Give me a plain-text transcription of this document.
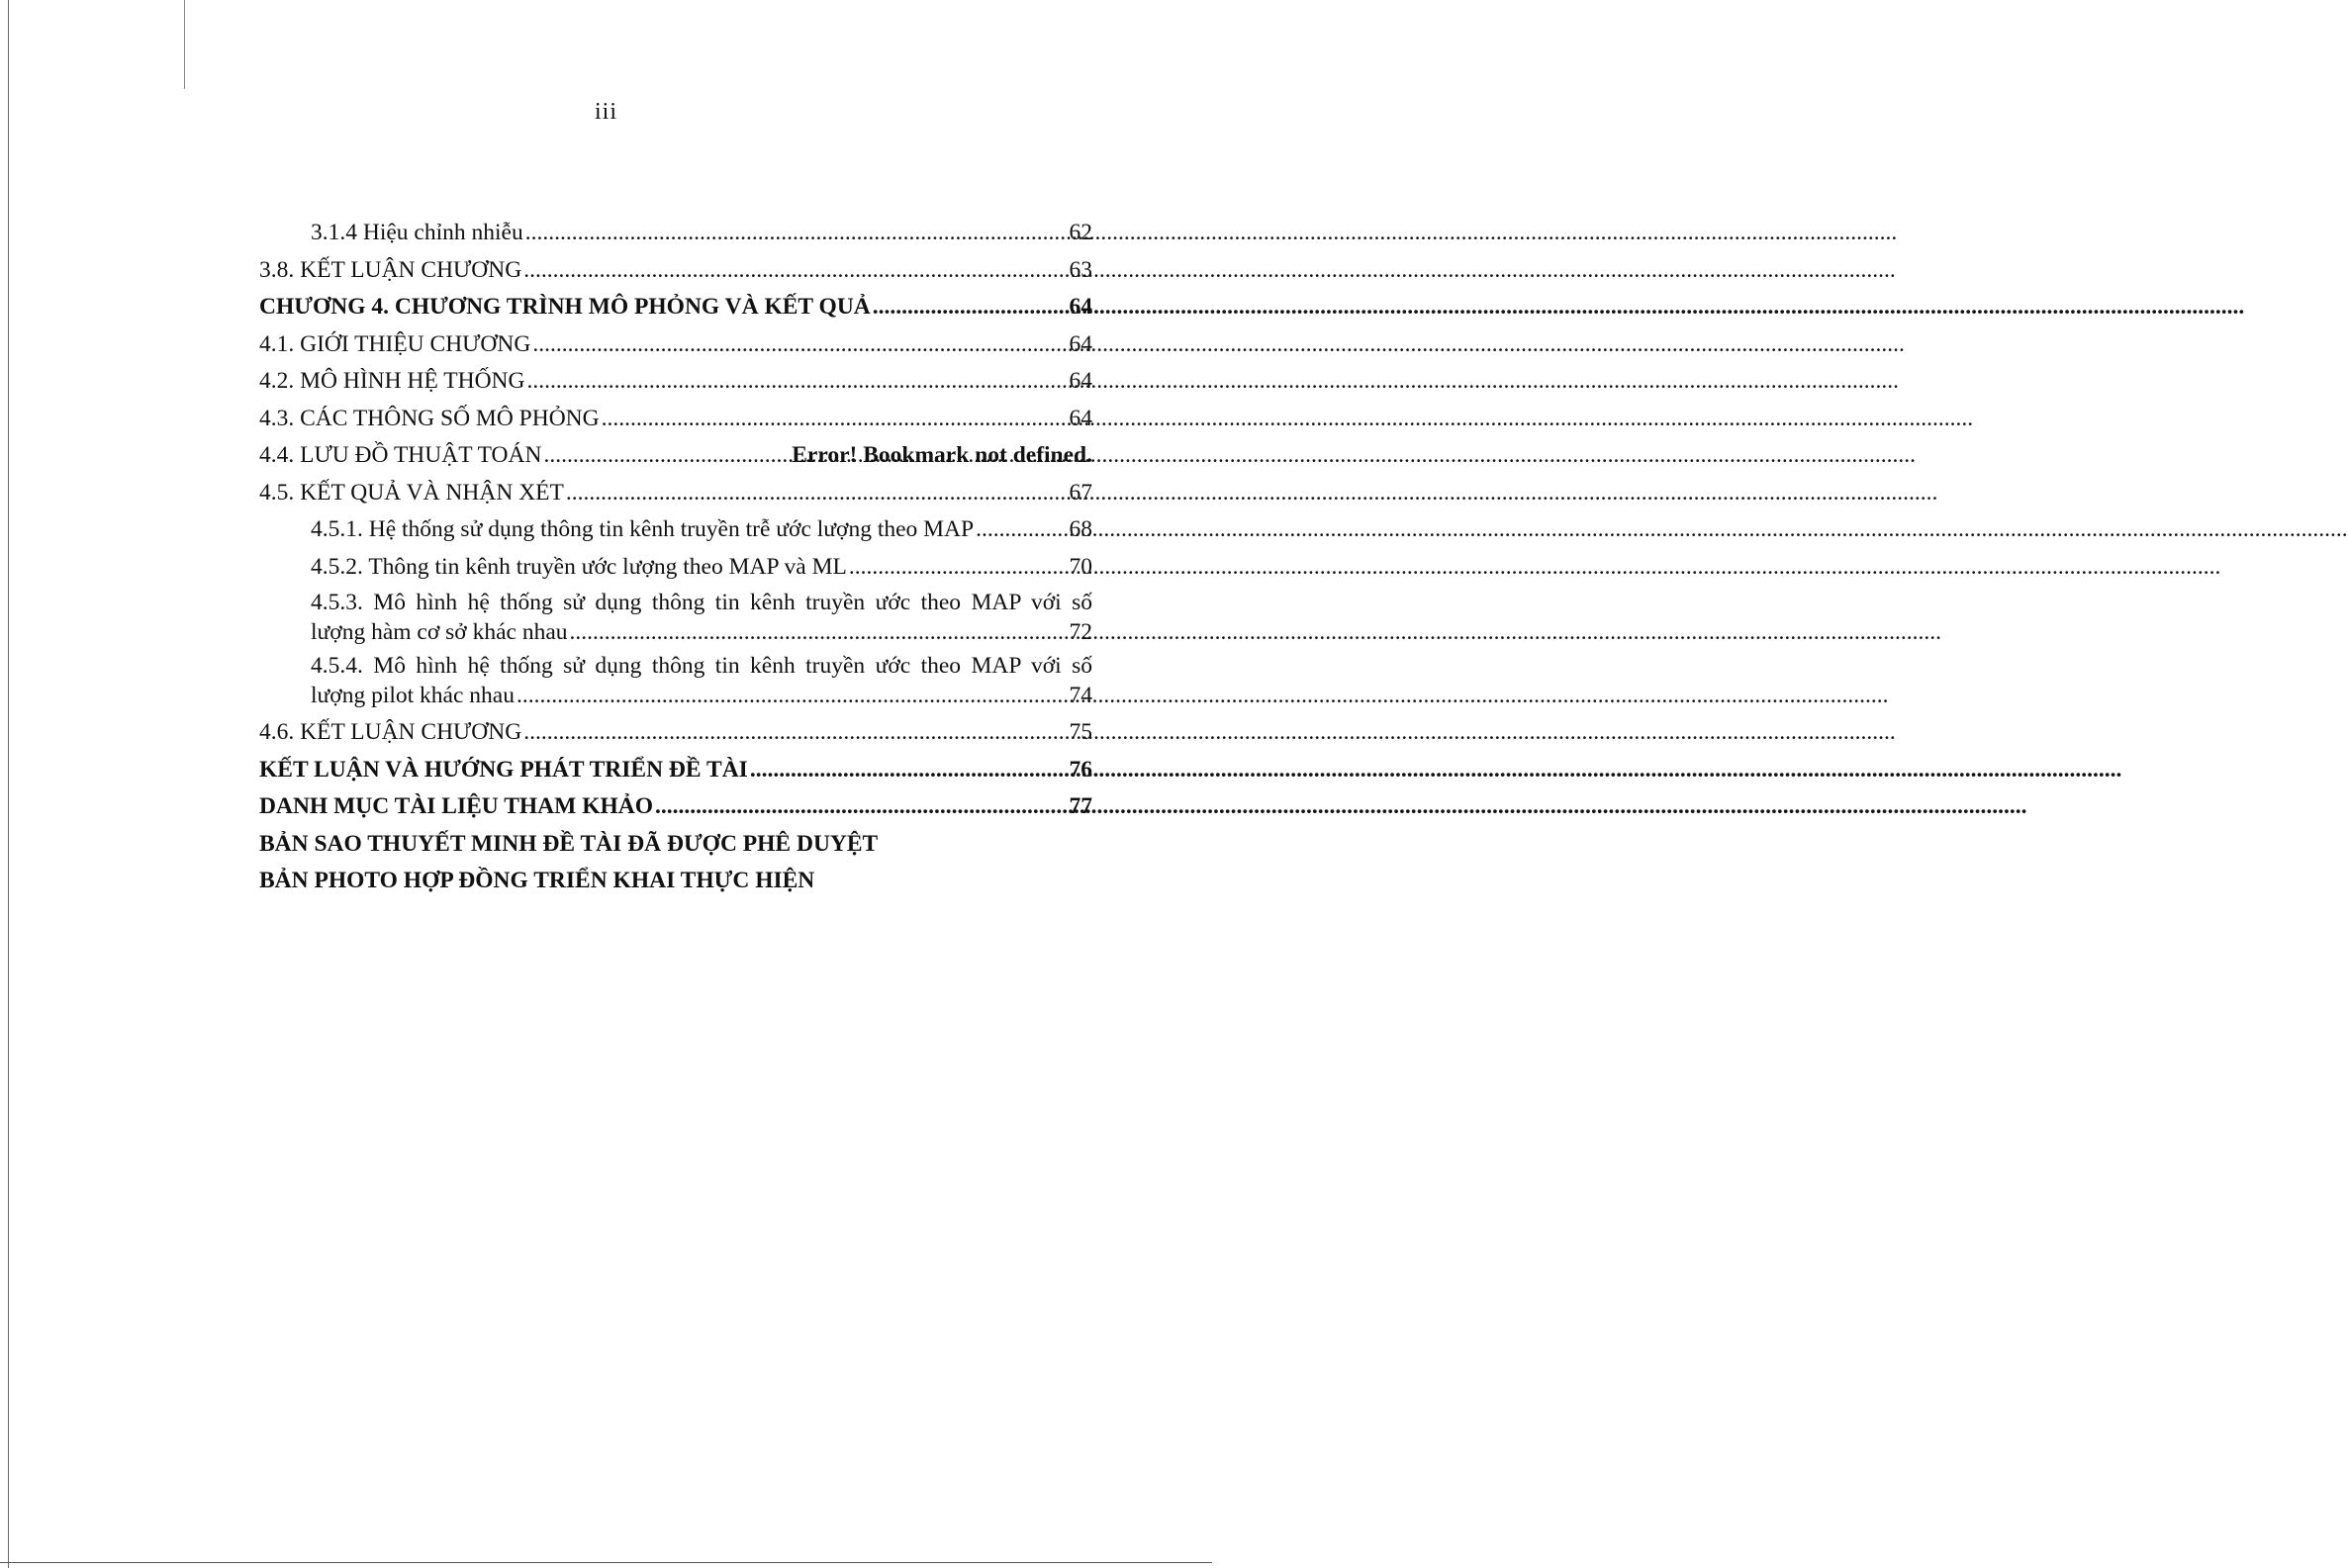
iii
3.1.4 Hiệu chỉnh nhiễu .....	62
3.8. KẾT LUẬN CHƯƠNG .....	63
CHƯƠNG 4. CHƯƠNG TRÌNH MÔ PHỎNG VÀ KẾT QUẢ .....	64
4.1. GIỚI THIỆU CHƯƠNG .....	64
4.2. MÔ HÌNH HỆ THỐNG .....	64
4.3. CÁC THÔNG SỐ MÔ PHỎNG .....	64
4.4. LƯU ĐỒ THUẬT TOÁN .....	Error! Bookmark not defined.
4.5. KẾT QUẢ VÀ NHẬN XÉT .....	67
4.5.1. Hệ thống sử dụng thông tin kênh truyền trễ ước lượng theo MAP .....	68
4.5.2. Thông tin kênh truyền ước lượng theo MAP và ML .....	70
4.5.3. Mô hình hệ thống sử dụng thông tin kênh truyền ước theo MAP với số
lượng hàm cơ sở khác nhau .....	72
4.5.4. Mô hình hệ thống sử dụng thông tin kênh truyền ước theo MAP với số
lượng pilot khác nhau .....	74
4.6. KẾT LUẬN CHƯƠNG .....	75
KẾT LUẬN VÀ HƯỚNG PHÁT TRIỂN ĐỀ TÀI .....	76
DANH MỤC TÀI LIỆU THAM KHẢO .....	77
BẢN SAO THUYẾT MINH ĐỀ TÀI ĐÃ ĐƯỢC PHÊ DUYỆT
BẢN PHOTO HỢP ĐỒNG TRIỂN KHAI THỰC HIỆN
